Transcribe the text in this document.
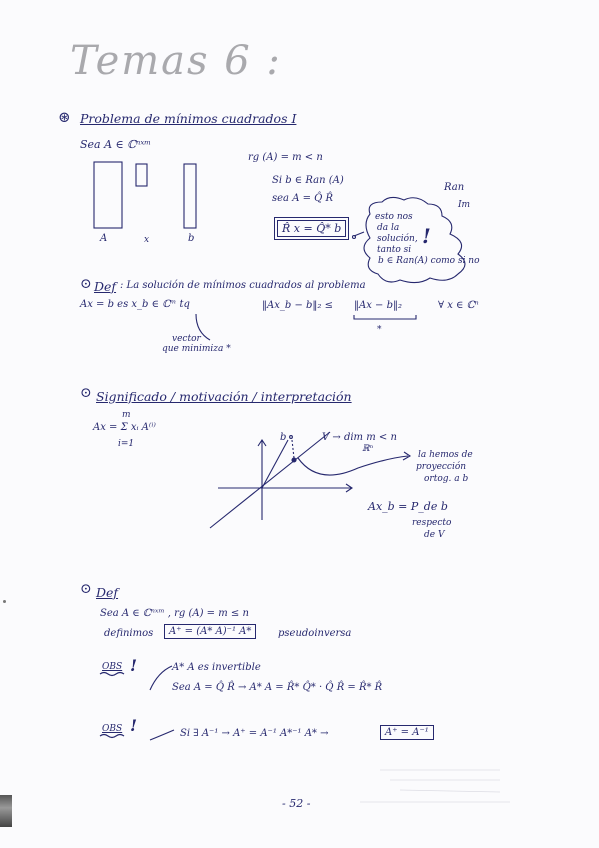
Temas 6 :
⊛ Problema de mínimos cuadrados I
Sea A ∈ ℂⁿˣᵐ
rg (A) = m < n
Si b ∈ Ran (A)
sea A = Q̂ R̂
R̂ x = Q̂* b
A	x	b
esto nos
da la
solución,
tanto si
b ∈ Ran(A) como si no
Ran
Im
!
⊙ Def : La solución de mínimos cuadrados al problema
Ax = b es x_b ∈ ℂᵐ tq	‖Ax_b − b‖₂ ≤ ‖Ax − b‖₂	∀ x ∈ ℂⁿ
*
vector
que minimiza *
⊙ Significado / motivación / interpretación
Ax = Σ xᵢ A⁽ⁱ⁾
m
i=1
b	V → dim m < n
ℝⁿ
la hemos de
proyección
ortog. a b
Ax_b = P_de b
respecto
de V
⊙ Def
Sea A ∈ ℂⁿˣᵐ , rg (A) = m ≤ n
definimos	A⁺ = (A* A)⁻¹ A*	pseudoinversa
OBS !	A* A es invertible
Sea A = Q̂ R̂ → A* A = R̂* Q̂* · Q̂ R̂ = R̂* R̂
OBS !	Si ∃ A⁻¹ → A⁺ = A⁻¹ A*⁻¹ A* →	A⁺ = A⁻¹
- 52 -
